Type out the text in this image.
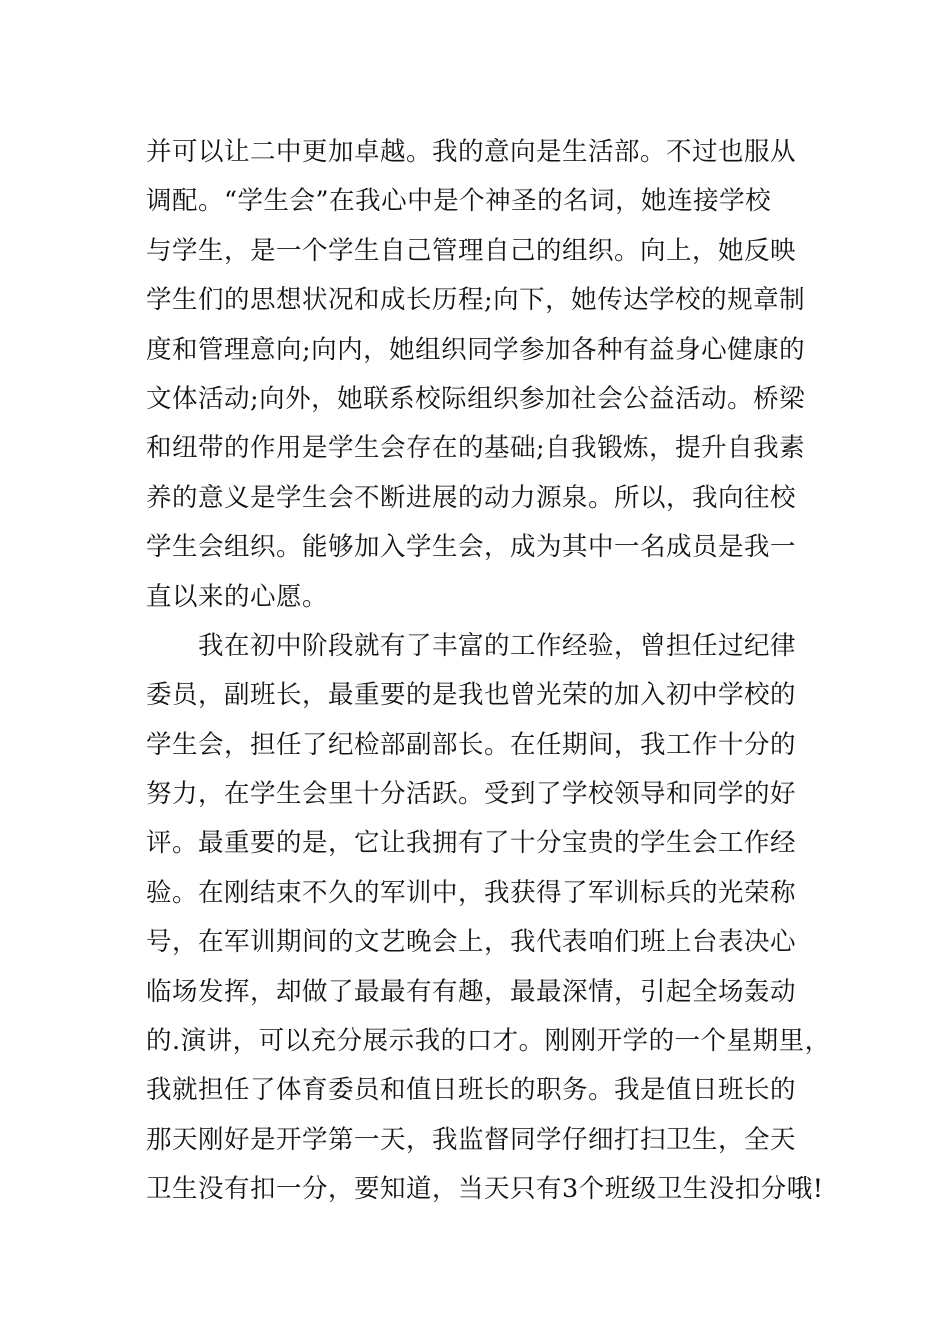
并可以让二中更加卓越。我的意向是生活部。不过也服从
调配。“学生会”在我心中是个神圣的名词，她连接学校
与学生，是一个学生自己管理自己的组织。向上，她反映
学生们的思想状况和成长历程;向下，她传达学校的规章制
度和管理意向;向内，她组织同学参加各种有益身心健康的
文体活动;向外，她联系校际组织参加社会公益活动。桥梁
和纽带的作用是学生会存在的基础;自我锻炼，提升自我素
养的意义是学生会不断进展的动力源泉。所以，我向往校
学生会组织。能够加入学生会，成为其中一名成员是我一
直以来的心愿。
我在初中阶段就有了丰富的工作经验，曾担任过纪律
委员，副班长，最重要的是我也曾光荣的加入初中学校的
学生会，担任了纪检部副部长。在任期间，我工作十分的
努力，在学生会里十分活跃。受到了学校领导和同学的好
评。最重要的是，它让我拥有了十分宝贵的学生会工作经
验。在刚结束不久的军训中，我获得了军训标兵的光荣称
号，在军训期间的文艺晚会上，我代表咱们班上台表决心
临场发挥，却做了最最有有趣，最最深情，引起全场轰动
的.演讲，可以充分展示我的口才。刚刚开学的一个星期里，
我就担任了体育委员和值日班长的职务。我是值日班长的
那天刚好是开学第一天，我监督同学仔细打扫卫生，全天
卫生没有扣一分，要知道，当天只有3个班级卫生没扣分哦!
